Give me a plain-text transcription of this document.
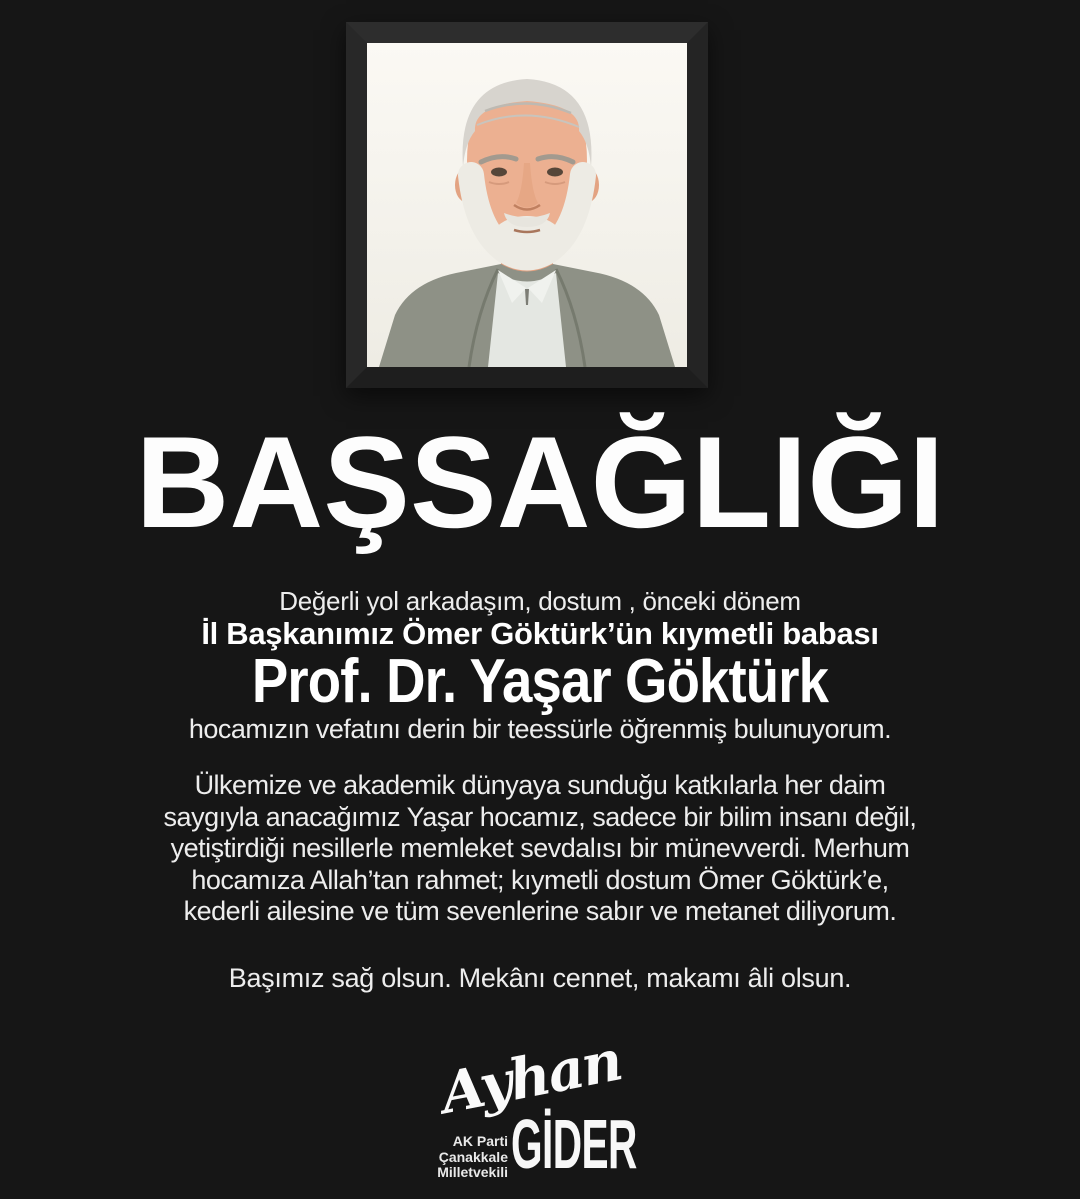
BAŞSAĞLIĞI

Değerli yol arkadaşım, dostum , önceki dönem

İl Başkanımız Ömer Göktürk’ün kıymetli babası

Prof. Dr. Yaşar Göktürk

hocamızın vefatını derin bir teessürle öğrenmiş bulunuyorum.

Ülkemize ve akademik dünyaya sunduğu katkılarla her daim

saygıyla anacağımız Yaşar hocamız, sadece bir bilim insanı değil,

yetiştirdiği nesillerle memleket sevdalısı bir münevverdi. Merhum

hocamıza Allah’tan rahmet; kıymetli dostum Ömer Göktürk’e,

kederli ailesine ve tüm sevenlerine sabır ve metanet diliyorum.

Başımız sağ olsun. Mekânı cennet, makamı âli olsun.

Ayhan
GİDER
AK Parti
Çanakkale
Milletvekili
